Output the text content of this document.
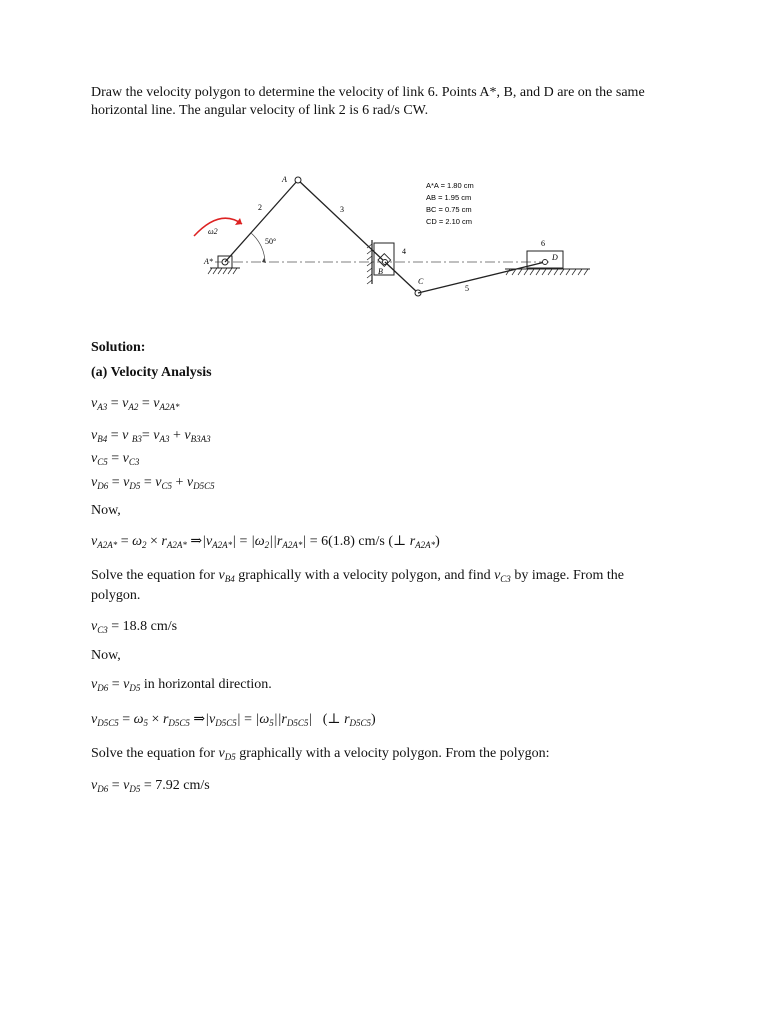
Draw the velocity polygon to determine the velocity of link 6. Points A*, B, and D are on the same
horizontal line. The angular velocity of link 2 is 6 rad/s CW.
A
A*
B
C
D
2	3
4
5
6
ω2
50°
A*A = 1.80 cm
AB = 1.95 cm
BC = 0.75 cm
CD = 2.10 cm
Solution:
(a) Velocity Analysis
$v_{A3} = v_{A2} = v_{A2A*}$
$v_{B4} = v$ $_{B3}= v_{A3} + v_{B3A3}$
$v_{C5} = v_{C3}$
$v_{D6} = v_{D5} = v_{C5} + v_{D5C5}$
Now,
$v_{A2A*} = \omega_2 \times r_{A2A*}$ $\Rightarrow|v_{A2A*}| = |\omega_2||r_{A2A*}| = 6(1.8)$ cm/s (⊥ $r_{A2A*}$)
Solve the equation for $v_{B4}$ graphically with a velocity polygon, and find $v_{C3}$ by image. From the
polygon.
$v_{C3} = 18.8$ cm/s
Now,
$v_{D6} = v_{D5}$ in horizontal direction.
$v_{D5C5} = \omega_5 \times r_{D5C5}$ $\Rightarrow|v_{D5C5}| = |\omega_5||r_{D5C5}|$   (⊥ $r_{D5C5}$)
Solve the equation for $v_{D5}$ graphically with a velocity polygon. From the polygon:
$v_{D6} = v_{D5} = 7.92$ cm/s
